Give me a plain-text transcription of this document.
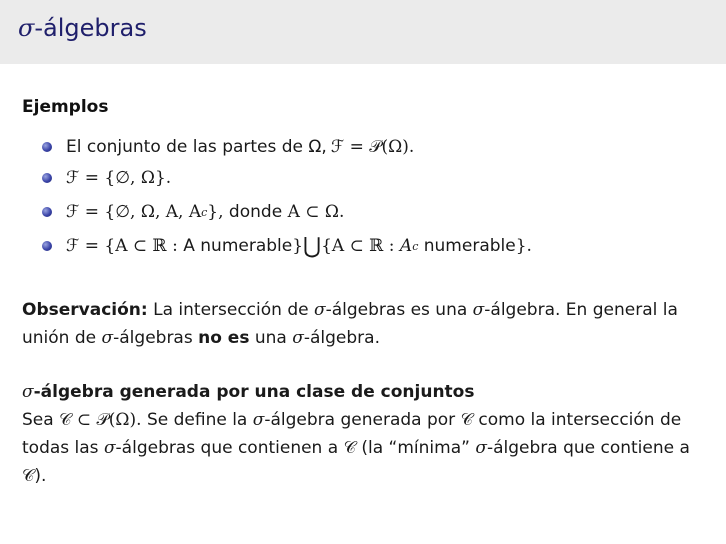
σ-álgebras
Ejemplos
El conjunto de las partes de Ω, ℱ = 𝒫(Ω).
ℱ = {∅, Ω}.
ℱ = {∅, Ω, A, A c }, donde A ⊂ Ω.
ℱ = {A ⊂ ℝ : A numerable } ⋃ {A ⊂ ℝ : A c numerable }.
Observación: La intersección de σ-álgebras es una σ-álgebra. En general la unión de σ-álgebras no es una σ-álgebra.
σ-álgebra generada por una clase de conjuntos
Sea 𝒞 ⊂ 𝒫(Ω). Se define la σ-álgebra generada por 𝒞 como la intersección de todas las σ-álgebras que contienen a 𝒞 (la “mínima” σ-álgebra que contiene a 𝒞).
